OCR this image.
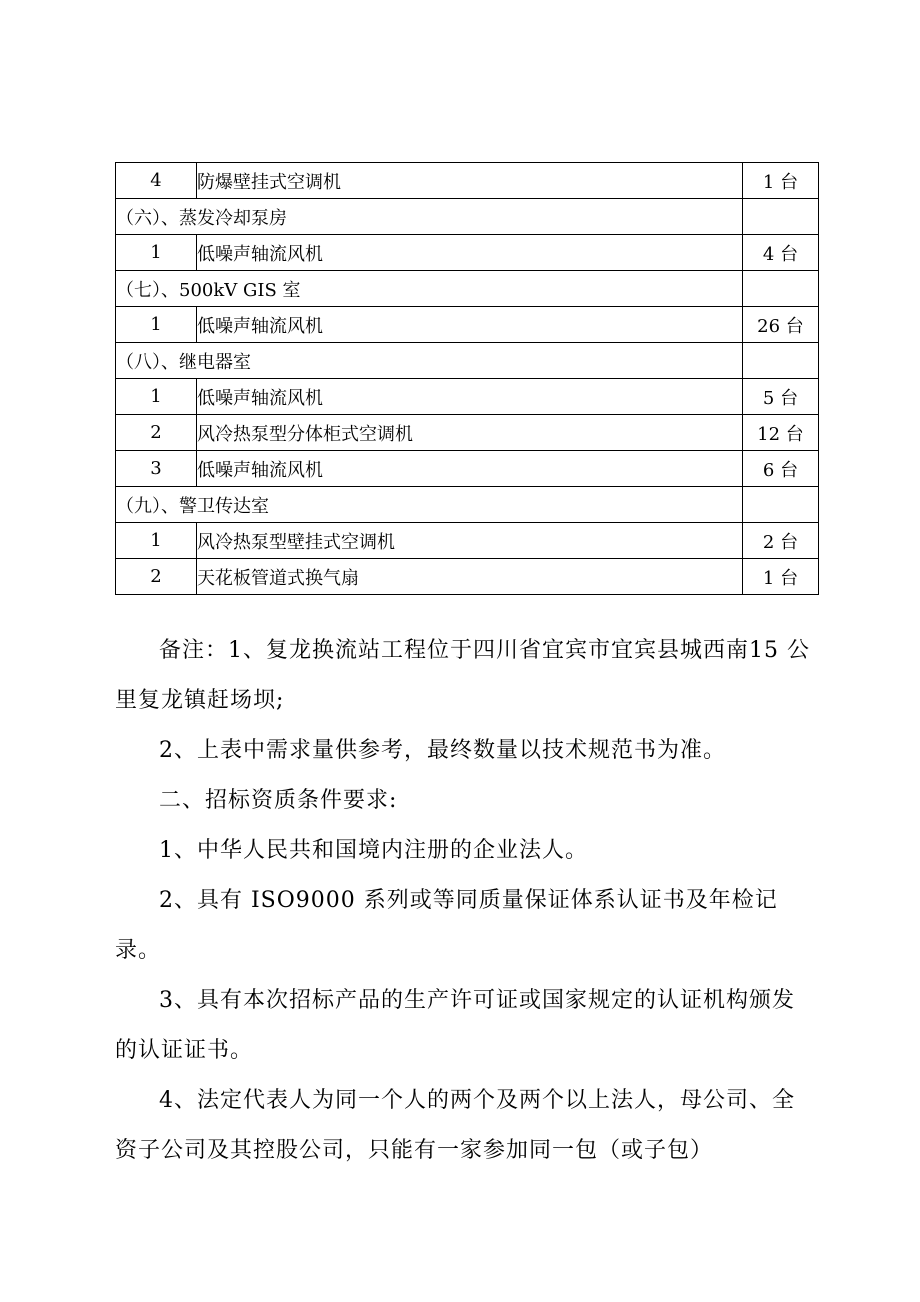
4	防爆壁挂式空调机	1 台
（六）、蒸发冷却泵房		
1	低噪声轴流风机	4 台
（七）、500kV GIS 室		
1	低噪声轴流风机	26 台
（八）、继电器室		
1	低噪声轴流风机	5 台
2	风冷热泵型分体柜式空调机	12 台
3	低噪声轴流风机	6 台
（九）、警卫传达室		
1	风冷热泵型壁挂式空调机	2 台
2	天花板管道式换气扇	1 台

备注：1、复龙换流站工程位于四川省宜宾市宜宾县城西南15 公里复龙镇赶场坝;

2、上表中需求量供参考，最终数量以技术规范书为准。

二、招标资质条件要求:

1、中华人民共和国境内注册的企业法人。

2、具有 ISO9000 系列或等同质量保证体系认证书及年检记录。

3、具有本次招标产品的生产许可证或国家规定的认证机构颁发的认证证书。

4、法定代表人为同一个人的两个及两个以上法人，母公司、全资子公司及其控股公司，只能有一家参加同一包（或子包）
